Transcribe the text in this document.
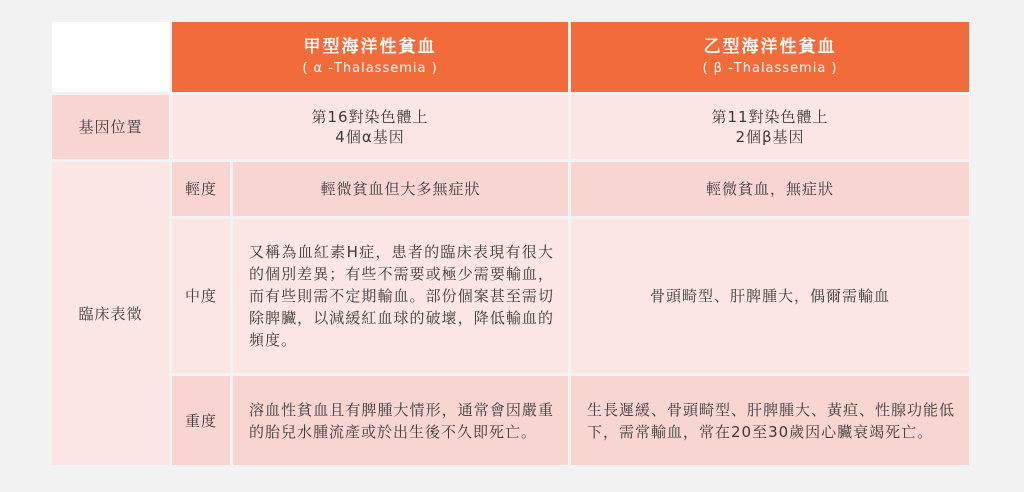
甲型海洋性貧血
( α -Thalassemia )
乙型海洋性貧血
( β -Thalassemia )
基因位置
第16對染色體上
4個α基因
第11對染色體上
2個β基因
臨床表徵
輕度	輕微貧血但大多無症狀	輕微貧血，無症狀
中度
又稱為血紅素H症，患者的臨床表現有很大的個別差異；有些不需要或極少需要輸血，而有些則需不定期輸血。部份個案甚至需切除脾臟，以減緩紅血球的破壞，降低輸血的頻度。
骨頭畸型、肝脾腫大，偶爾需輸血
重度
溶血性貧血且有脾腫大情形，通常會因嚴重的胎兒水腫流產或於出生後不久即死亡。
生長遲緩、骨頭畸型、肝脾腫大、黃疸、性腺功能低下，需常輸血，常在20至30歲因心臟衰竭死亡。
